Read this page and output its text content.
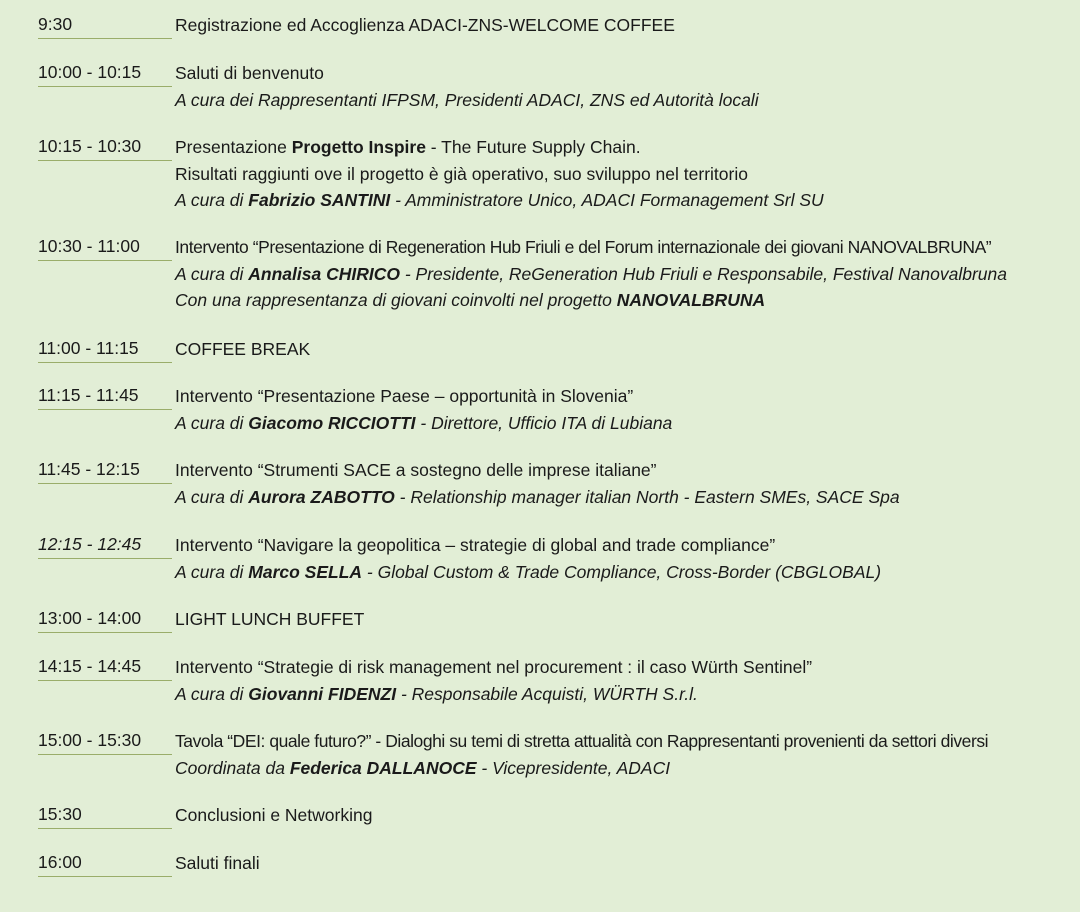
9:30	Registrazione ed Accoglienza ADACI-ZNS-WELCOME COFFEE
10:00 - 10:15	Saluti di benvenuto
A cura dei Rappresentanti IFPSM, Presidenti ADACI, ZNS ed Autorità locali
10:15 - 10:30	Presentazione Progetto Inspire - The Future Supply Chain.
Risultati raggiunti ove il progetto è già operativo, suo sviluppo nel territorio
A cura di Fabrizio SANTINI - Amministratore Unico, ADACI Formanagement Srl SU
10:30 - 11:00	Intervento “Presentazione di Regeneration Hub Friuli e del Forum internazionale dei giovani NANOVALBRUNA”
A cura di Annalisa CHIRICO - Presidente, ReGeneration Hub Friuli e Responsabile, Festival Nanovalbruna
Con una rappresentanza di giovani coinvolti nel progetto NANOVALBRUNA
11:00 - 11:15	COFFEE BREAK
11:15 - 11:45	Intervento “Presentazione Paese – opportunità in Slovenia”
A cura di Giacomo RICCIOTTI - Direttore, Ufficio ITA di Lubiana
11:45 - 12:15	Intervento “Strumenti SACE a sostegno delle imprese italiane”
A cura di Aurora ZABOTTO - Relationship manager italian North - Eastern SMEs, SACE Spa
12:15 - 12:45	Intervento “Navigare la geopolitica – strategie di global and trade compliance”
A cura di Marco SELLA - Global Custom & Trade Compliance, Cross-Border (CBGLOBAL)
13:00 - 14:00	LIGHT LUNCH BUFFET
14:15 - 14:45	Intervento “Strategie di risk management nel procurement : il caso Würth Sentinel”
A cura di Giovanni FIDENZI - Responsabile Acquisti, WÜRTH S.r.l.
15:00 - 15:30	Tavola “DEI: quale futuro?” - Dialoghi su temi di stretta attualità con Rappresentanti provenienti da settori diversi
Coordinata da Federica DALLANOCE - Vicepresidente, ADACI
15:30	Conclusioni e Networking
16:00	Saluti finali
